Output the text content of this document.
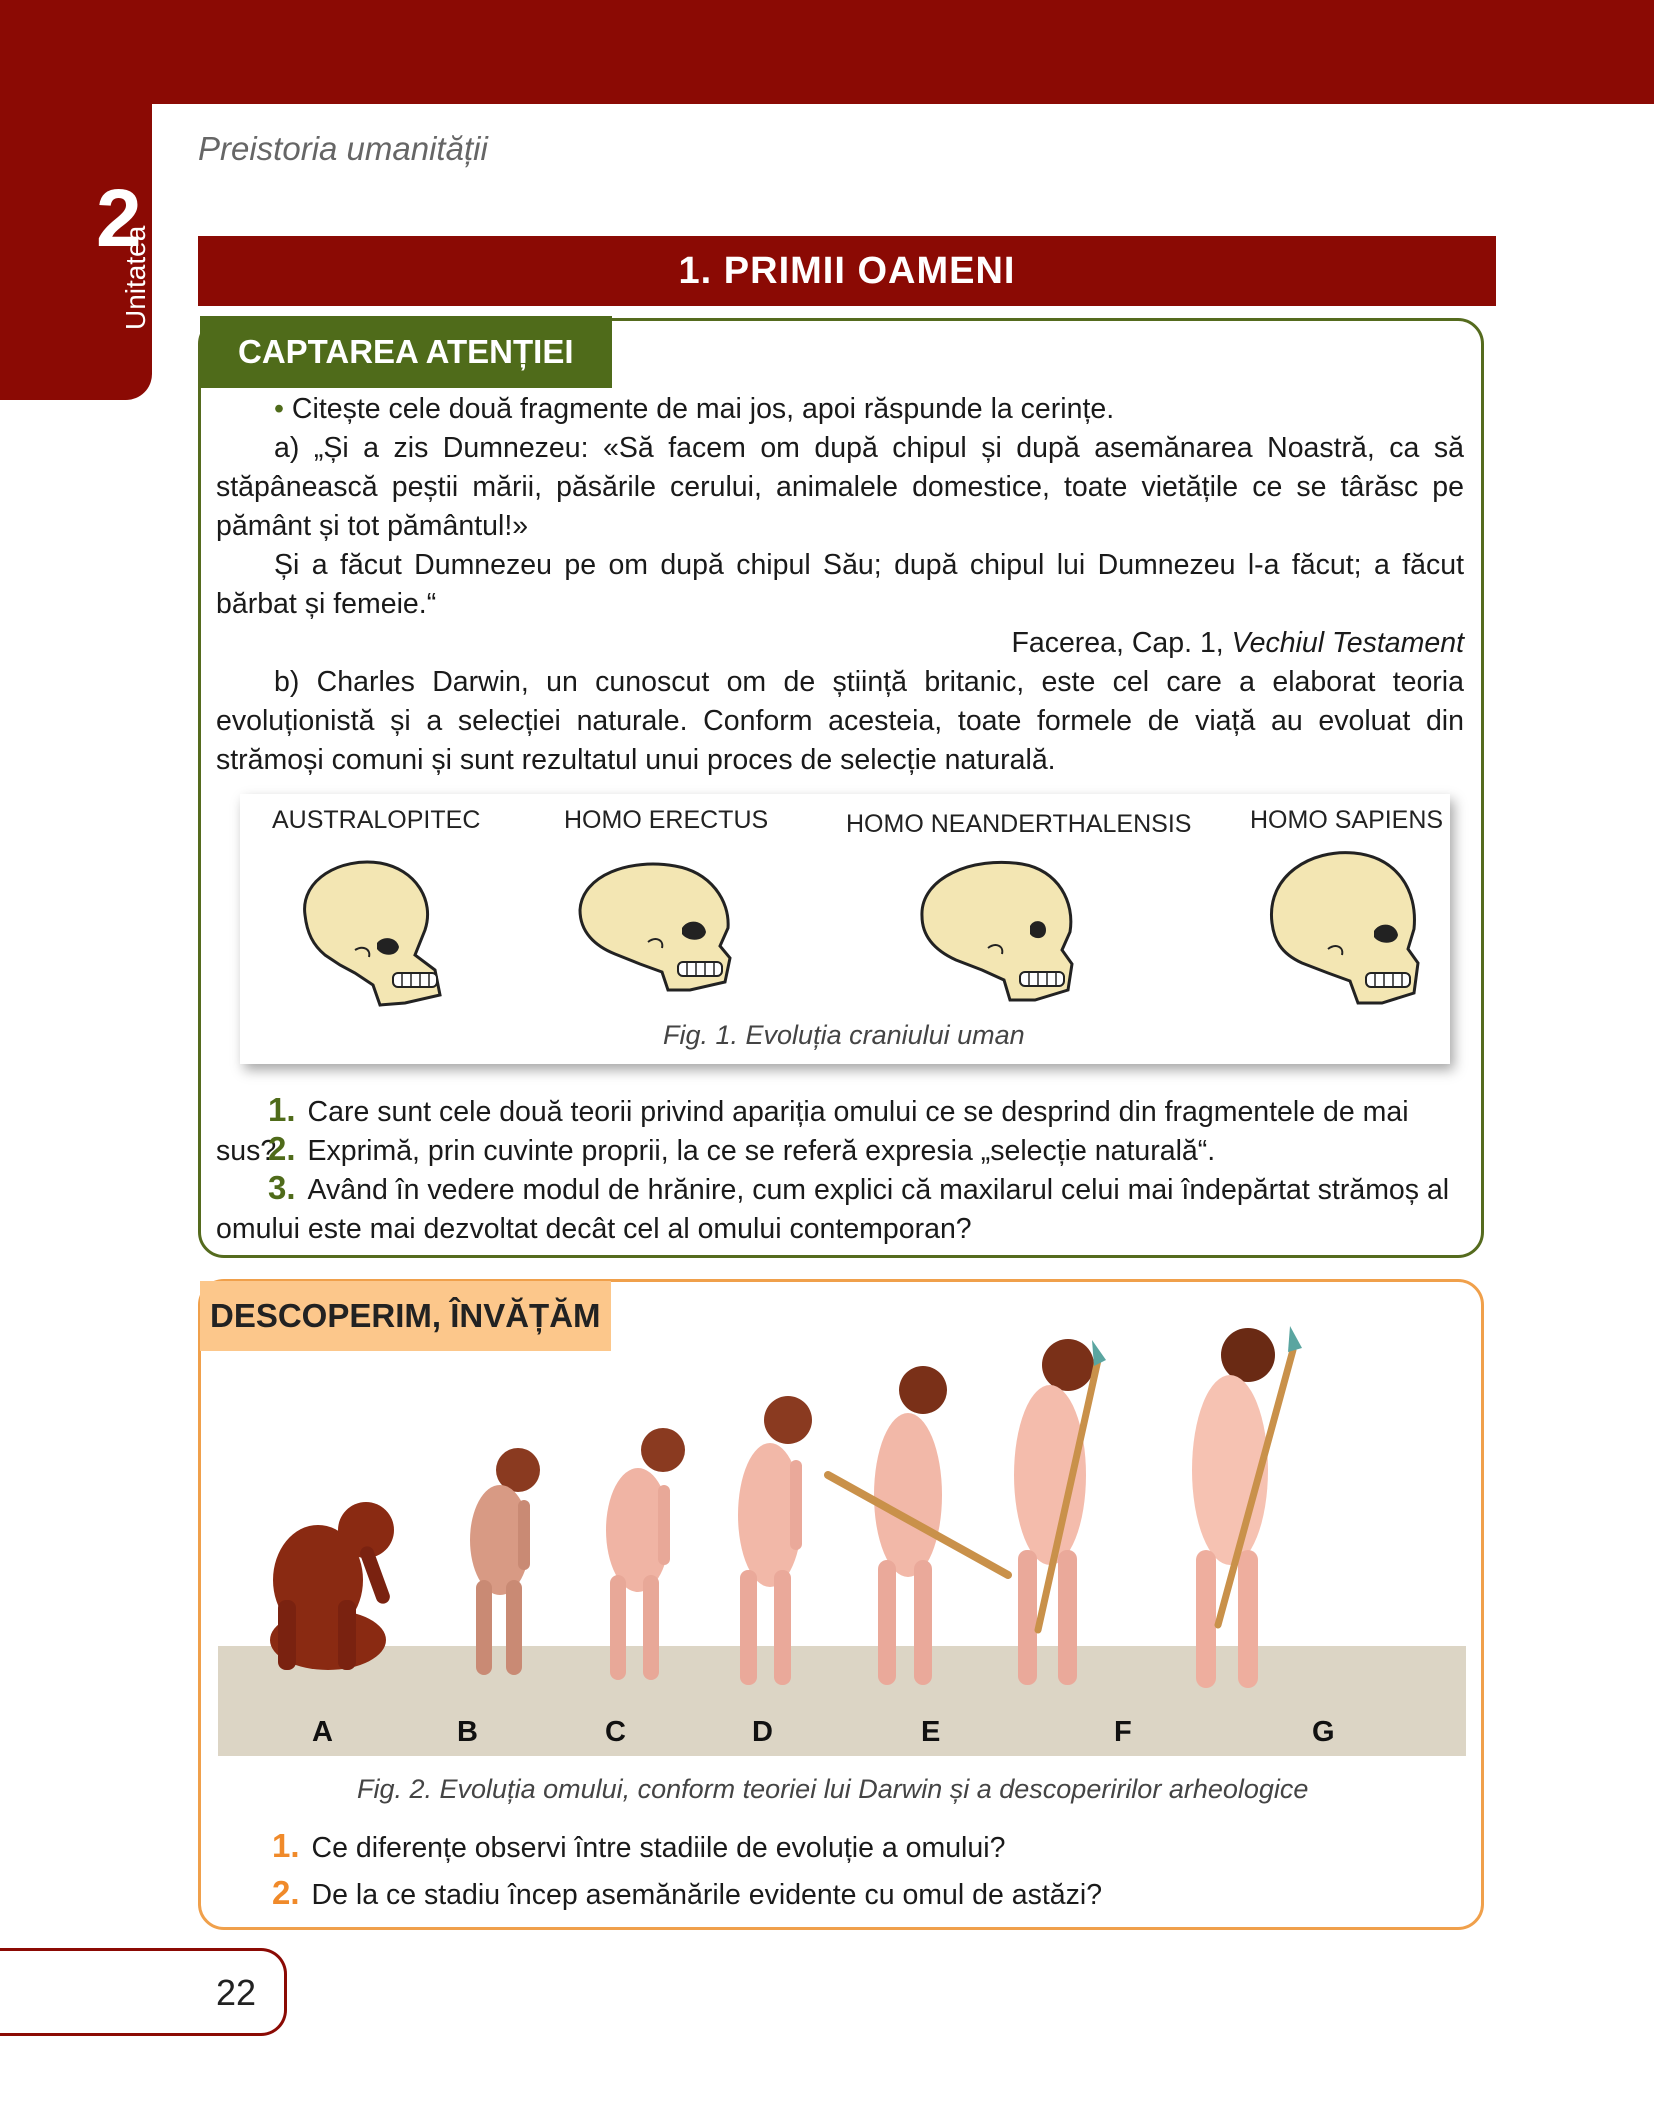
2
Unitatea
Preistoria umanității
1. PRIMII OAMENI
CAPTAREA ATENȚIEI
• Citește cele două fragmente de mai jos, apoi răspunde la cerințe.
a) „Și a zis Dumnezeu: «Să facem om după chipul și după asemănarea Noastră, ca să stăpânească peștii mării, păsările cerului, animalele domestice, toate vietățile ce se târăsc pe pământ și tot pământul!»
Și a făcut Dumnezeu pe om după chipul Său; după chipul lui Dumnezeu l-a făcut; a făcut bărbat și femeie.“
Facerea, Cap. 1, Vechiul Testament
b) Charles Darwin, un cunoscut om de știință britanic, este cel care a elaborat teoria evoluționistă și a selecției naturale. Conform acesteia, toate formele de viață au evoluat din strămoși comuni și sunt rezultatul unui proces de selecție naturală.
AUSTRALOPITEC	HOMO ERECTUS	HOMO NEANDERTHALENSIS HOMO SAPIENS
Fig. 1. Evoluția craniului uman
1. Care sunt cele două teorii privind apariția omului ce se desprind din fragmentele de mai sus?
2. Exprimă, prin cuvinte proprii, la ce se referă expresia „selecție naturală“.
3. Având în vedere modul de hrănire, cum explici că maxilarul celui mai îndepărtat strămoș al omului este mai dezvoltat decât cel al omului contemporan?
DESCOPERIM, ÎNVĂȚĂM
A	B	C	D	E	F	G
Fig. 2. Evoluția omului, conform teoriei lui Darwin și a descoperirilor arheologice
1. Ce diferențe observi între stadiile de evoluție a omului?
2. De la ce stadiu încep asemănările evidente cu omul de astăzi?
22
